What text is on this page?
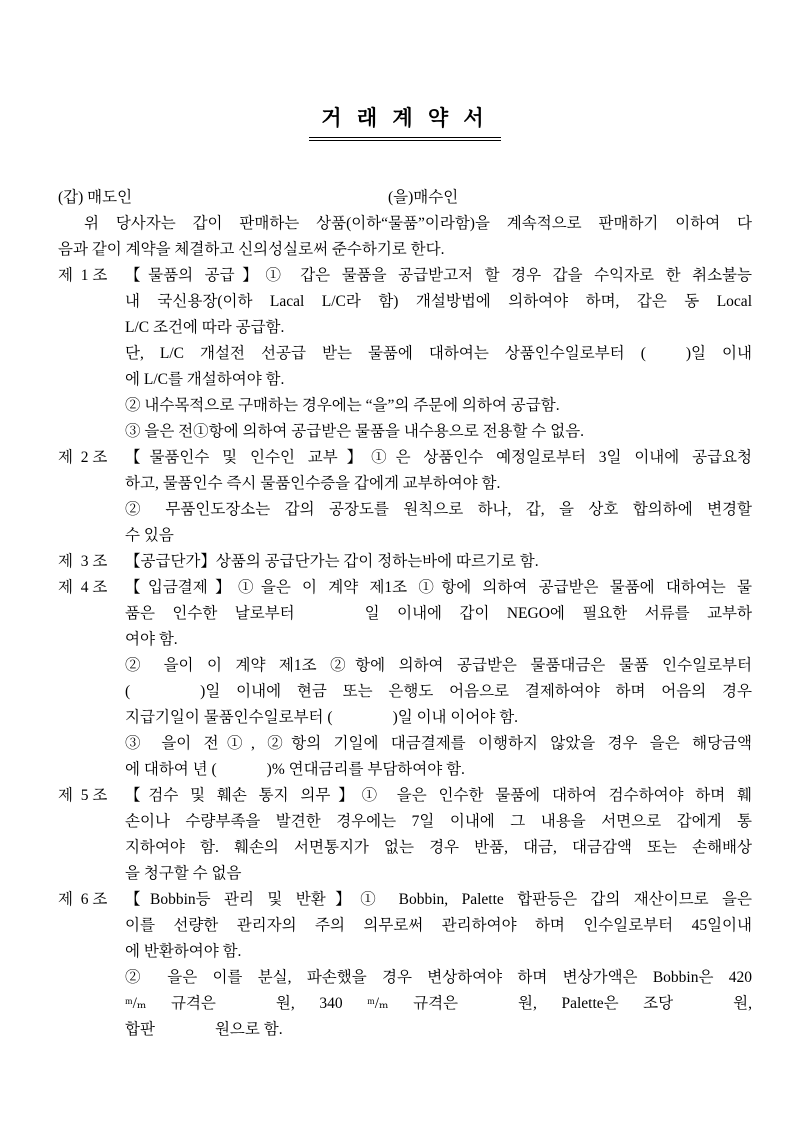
거 래 계 약 서
(갑) 매도인	(을)매수인
위 당사자는 갑이 판매하는 상품(이하“물품”이라함)을 계속적으로 판매하기 이하여 다
음과 같이 계약을 체결하고 신의성실로써 준수하기로 한다.
제  1 조	【물품의 공급】① 갑은 물품을 공급받고저 할 경우 갑을 수익자로 한 취소불능
내 국신용장(이하 Lacal L/C라 함) 개설방법에 의하여야 하며, 갑은 동 Local
L/C 조건에 따라 공급함.
단, L/C 개설전 선공급 받는 물품에 대하여는 상품인수일로부터 (	)일 이내
에 L/C를 개설하여야 함.
② 내수목적으로 구매하는 경우에는 “을”의 주문에 의하여 공급함.
③ 을은 전①항에 의하여 공급받은 물품을 내수용으로 전용할 수 없음.
제  2 조	【물품인수 및 인수인 교부】①은 상품인수 예정일로부터 3일 이내에 공급요청
하고, 물품인수 즉시 물품인수증을 갑에게 교부하여야 함.
② 무품인도장소는 갑의 공장도를 원칙으로 하나, 갑, 을 상호 합의하에 변경할
수 있음
제  3 조	【공급단가】상품의 공급단가는 갑이 정하는바에 따르기로 함.
제  4 조	【입금결제】①을은 이 계약 제1조 ①항에 의하여 공급받은 물품에 대하여는 물
품은 인수한 날로부터	일 이내에 갑이 NEGO에 필요한 서류를 교부하
여야 함.
② 을이 이 계약 제1조 ②항에 의하여 공급받은 물품대금은 물품 인수일로부터
(	)일 이내에 현금 또는 은행도 어음으로 결제하여야 하며 어음의 경우
지급기일이 물품인수일로부터 (	)일 이내 이어야 함.
③ 을이 전①, ②항의 기일에 대금결제를 이행하지 않았을 경우 을은 해당금액
에 대하여 년 (	)% 연대금리를 부담하여야 함.
제  5 조	【검수 및 훼손 통지 의무】① 을은 인수한 물품에 대하여 검수하여야 하며 훼
손이나 수량부족을 발견한 경우에는 7일 이내에 그 내용을 서면으로 갑에게 통
지하여야 함. 훼손의 서면통지가 없는 경우 반품, 대금, 대금감액 또는 손해배상
을 청구할 수 없음
제  6 조	【Bobbin등 관리 및 반환】① Bobbin, Palette 합판등은 갑의 재산이므로 을은
이를 선량한 관리자의 주의 의무로써 관리하여야 하며 인수일로부터 45일이내
에 반환하여야 함.
② 을은 이를 분실, 파손했을 경우 변상하여야 하며 변상가액은 Bobbin은 420
ᵐ/ₘ 규격은	원, 340 ᵐ/ₘ 규격은	원, Palette은 조당	원,
합판	원으로 함.
